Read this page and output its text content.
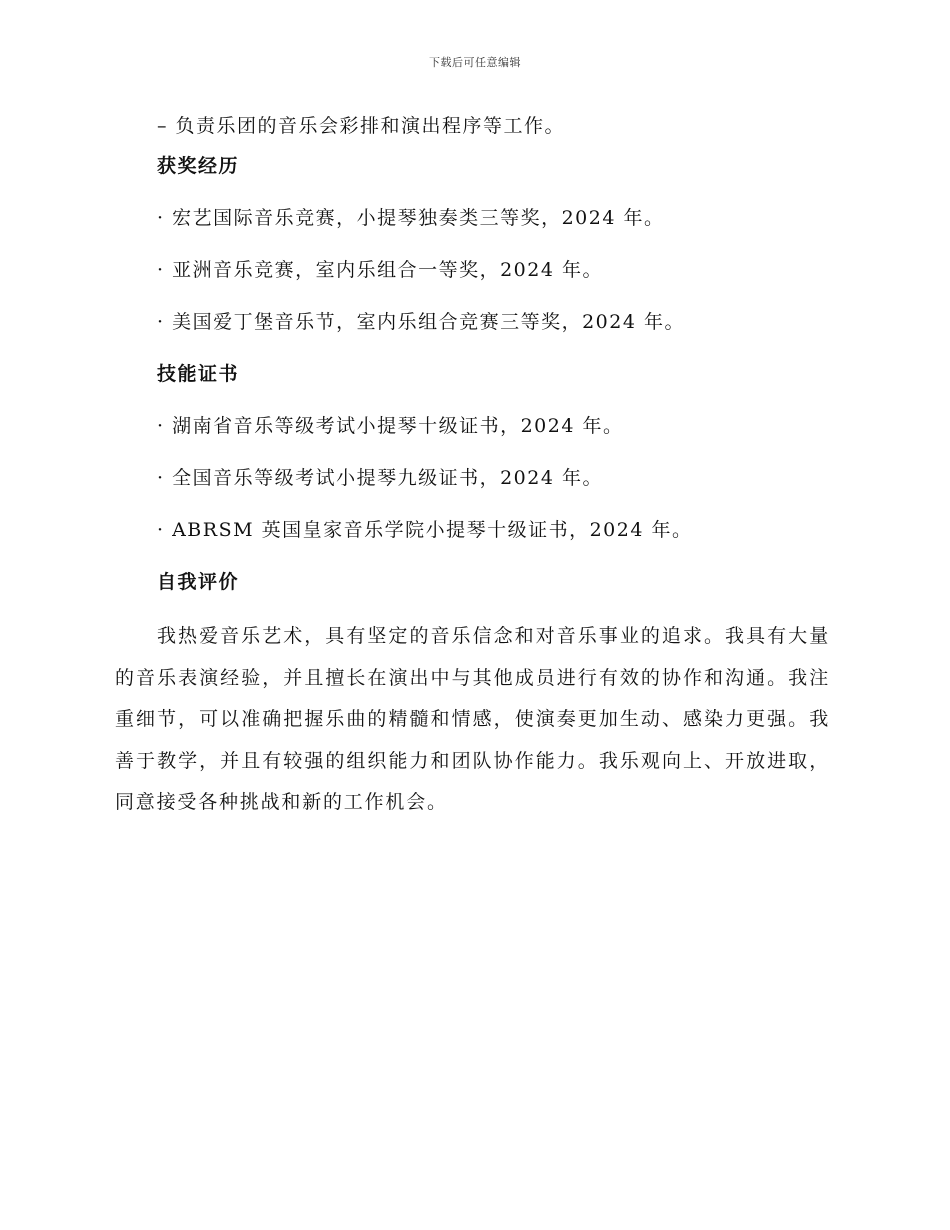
下载后可任意编辑
– 负责乐团的音乐会彩排和演出程序等工作。
获奖经历
· 宏艺国际音乐竞赛，小提琴独奏类三等奖，2024 年。
· 亚洲音乐竞赛，室内乐组合一等奖，2024 年。
· 美国爱丁堡音乐节，室内乐组合竞赛三等奖，2024 年。
技能证书
· 湖南省音乐等级考试小提琴十级证书，2024 年。
· 全国音乐等级考试小提琴九级证书，2024 年。
· ABRSM 英国皇家音乐学院小提琴十级证书，2024 年。
自我评价

我热爱音乐艺术，具有坚定的音乐信念和对音乐事业的追求。我具有大量的音乐表演经验，并且擅长在演出中与其他成员进行有效的协作和沟通。我注重细节，可以准确把握乐曲的精髓和情感，使演奏更加生动、感染力更强。我善于教学，并且有较强的组织能力和团队协作能力。我乐观向上、开放进取，同意接受各种挑战和新的工作机会。
